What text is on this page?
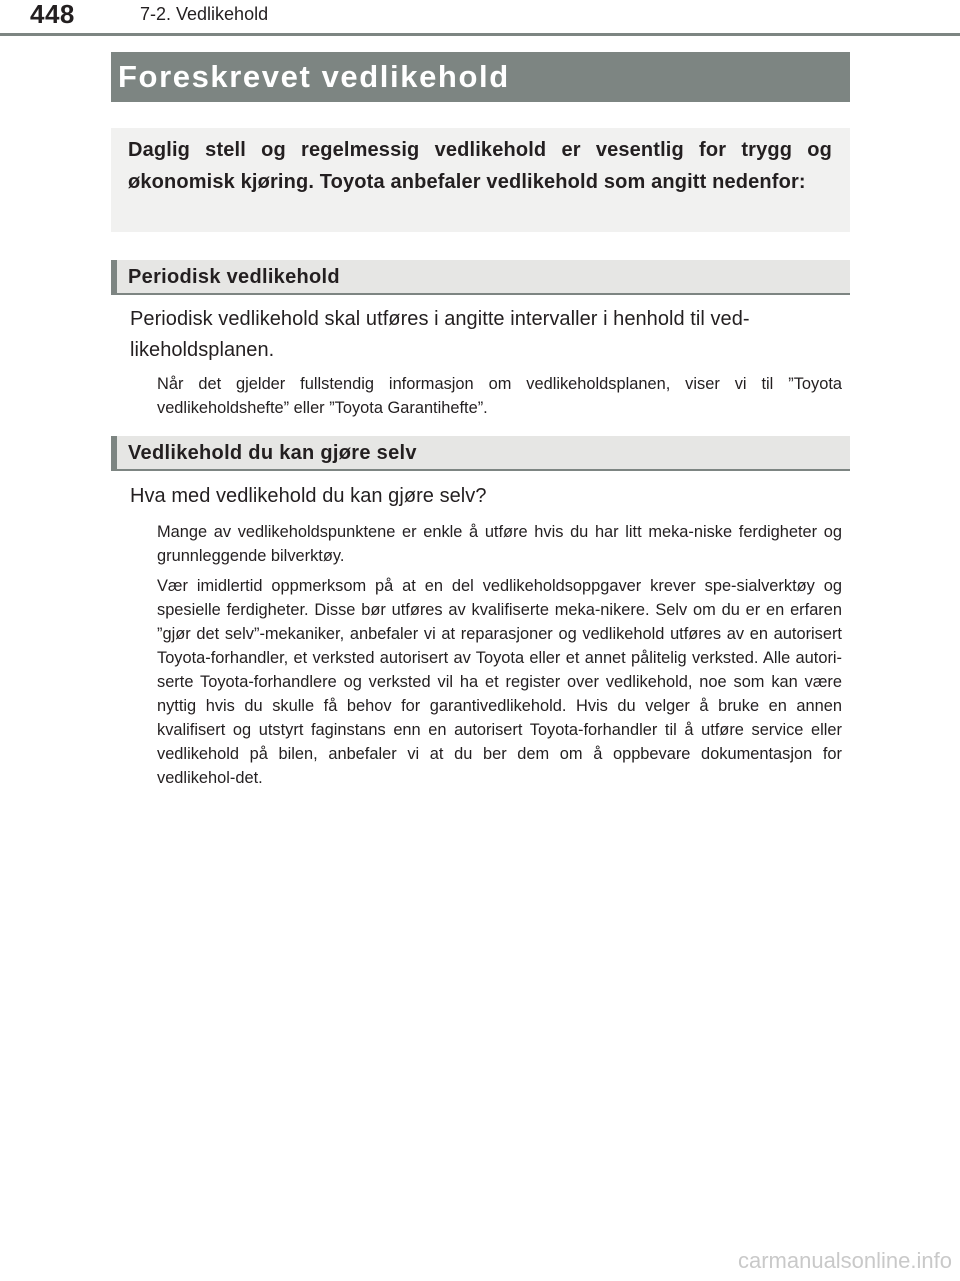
448	7-2. Vedlikehold
Foreskrevet vedlikehold

Daglig stell og regelmessig vedlikehold er vesentlig for trygg og økonomisk kjøring. Toyota anbefaler vedlikehold som angitt nedenfor:

Periodisk vedlikehold

Periodisk vedlikehold skal utføres i angitte intervaller i henhold til ved-likeholdsplanen.

Når det gjelder fullstendig informasjon om vedlikeholdsplanen, viser vi til ”Toyota vedlikeholdshefte” eller ”Toyota Garantihefte”.

Vedlikehold du kan gjøre selv

Hva med vedlikehold du kan gjøre selv?

Mange av vedlikeholdspunktene er enkle å utføre hvis du har litt meka-niske ferdigheter og grunnleggende bilverktøy.

Vær imidlertid oppmerksom på at en del vedlikeholdsoppgaver krever spe-sialverktøy og spesielle ferdigheter. Disse bør utføres av kvalifiserte meka-nikere. Selv om du er en erfaren ”gjør det selv”-mekaniker, anbefaler vi at reparasjoner og vedlikehold utføres av en autorisert Toyota-forhandler, et verksted autorisert av Toyota eller et annet pålitelig verksted. Alle autori-serte Toyota-forhandlere og verksted vil ha et register over vedlikehold, noe som kan være nyttig hvis du skulle få behov for garantivedlikehold. Hvis du velger å bruke en annen kvalifisert og utstyrt faginstans enn en autorisert Toyota-forhandler til å utføre service eller vedlikehold på bilen, anbefaler vi at du ber dem om å oppbevare dokumentasjon for vedlikehol-det.

carmanualsonline.info
